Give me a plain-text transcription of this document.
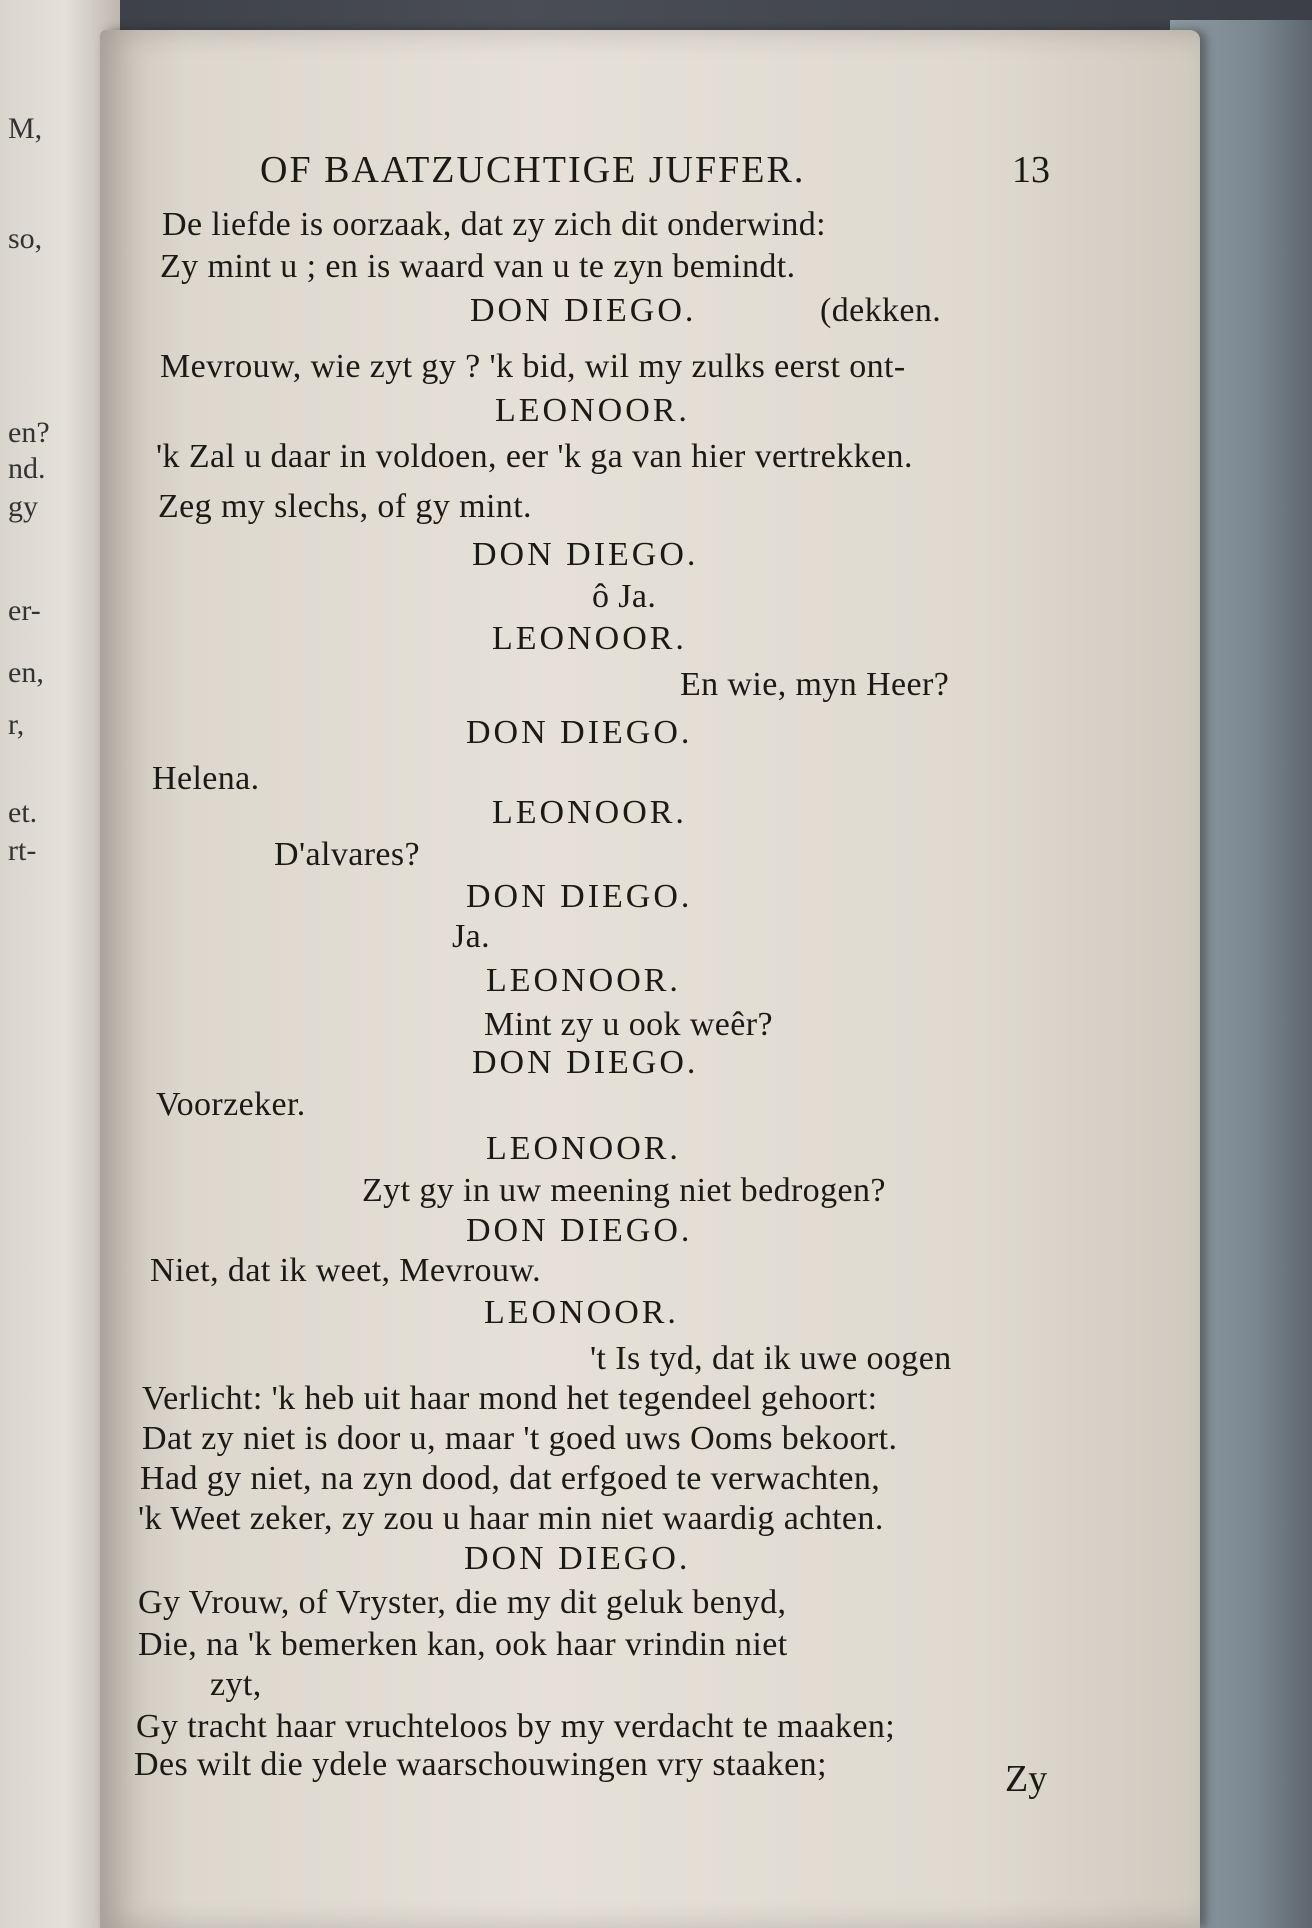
M,
so,
en?
nd.
gy
er-
en,
r,
et.
rt-
OF BAATZUCHTIGE JUFFER.	13
De liefde is oorzaak, dat zy zich dit onderwind:
Zy mint u ; en is waard van u te zyn bemindt.
DON DIEGO.	(dekken.
Mevrouw, wie zyt gy ? 'k bid, wil my zulks eerst ont-
LEONOOR.
'k Zal u daar in voldoen, eer 'k ga van hier vertrekken.
Zeg my slechs, of gy mint.
DON DIEGO.
ô Ja.
LEONOOR.
En wie, myn Heer?
DON DIEGO.
Helena.
LEONOOR.
D'alvares?
DON DIEGO.
Ja.
LEONOOR.
Mint zy u ook weêr?
DON DIEGO.
Voorzeker.
LEONOOR.
Zyt gy in uw meening niet bedrogen?
DON DIEGO.
Niet, dat ik weet, Mevrouw.
LEONOOR.
't Is tyd, dat ik uwe oogen
Verlicht: 'k heb uit haar mond het tegendeel gehoort:
Dat zy niet is door u, maar 't goed uws Ooms bekoort.
Had gy niet, na zyn dood, dat erfgoed te verwachten,
'k Weet zeker, zy zou u haar min niet waardig achten.
DON DIEGO.
Gy Vrouw, of Vryster, die my dit geluk benyd,
Die, na 'k bemerken kan, ook haar vrindin niet
zyt,
Gy tracht haar vruchteloos by my verdacht te maaken;
Des wilt die ydele waarschouwingen vry staaken;	Zy
